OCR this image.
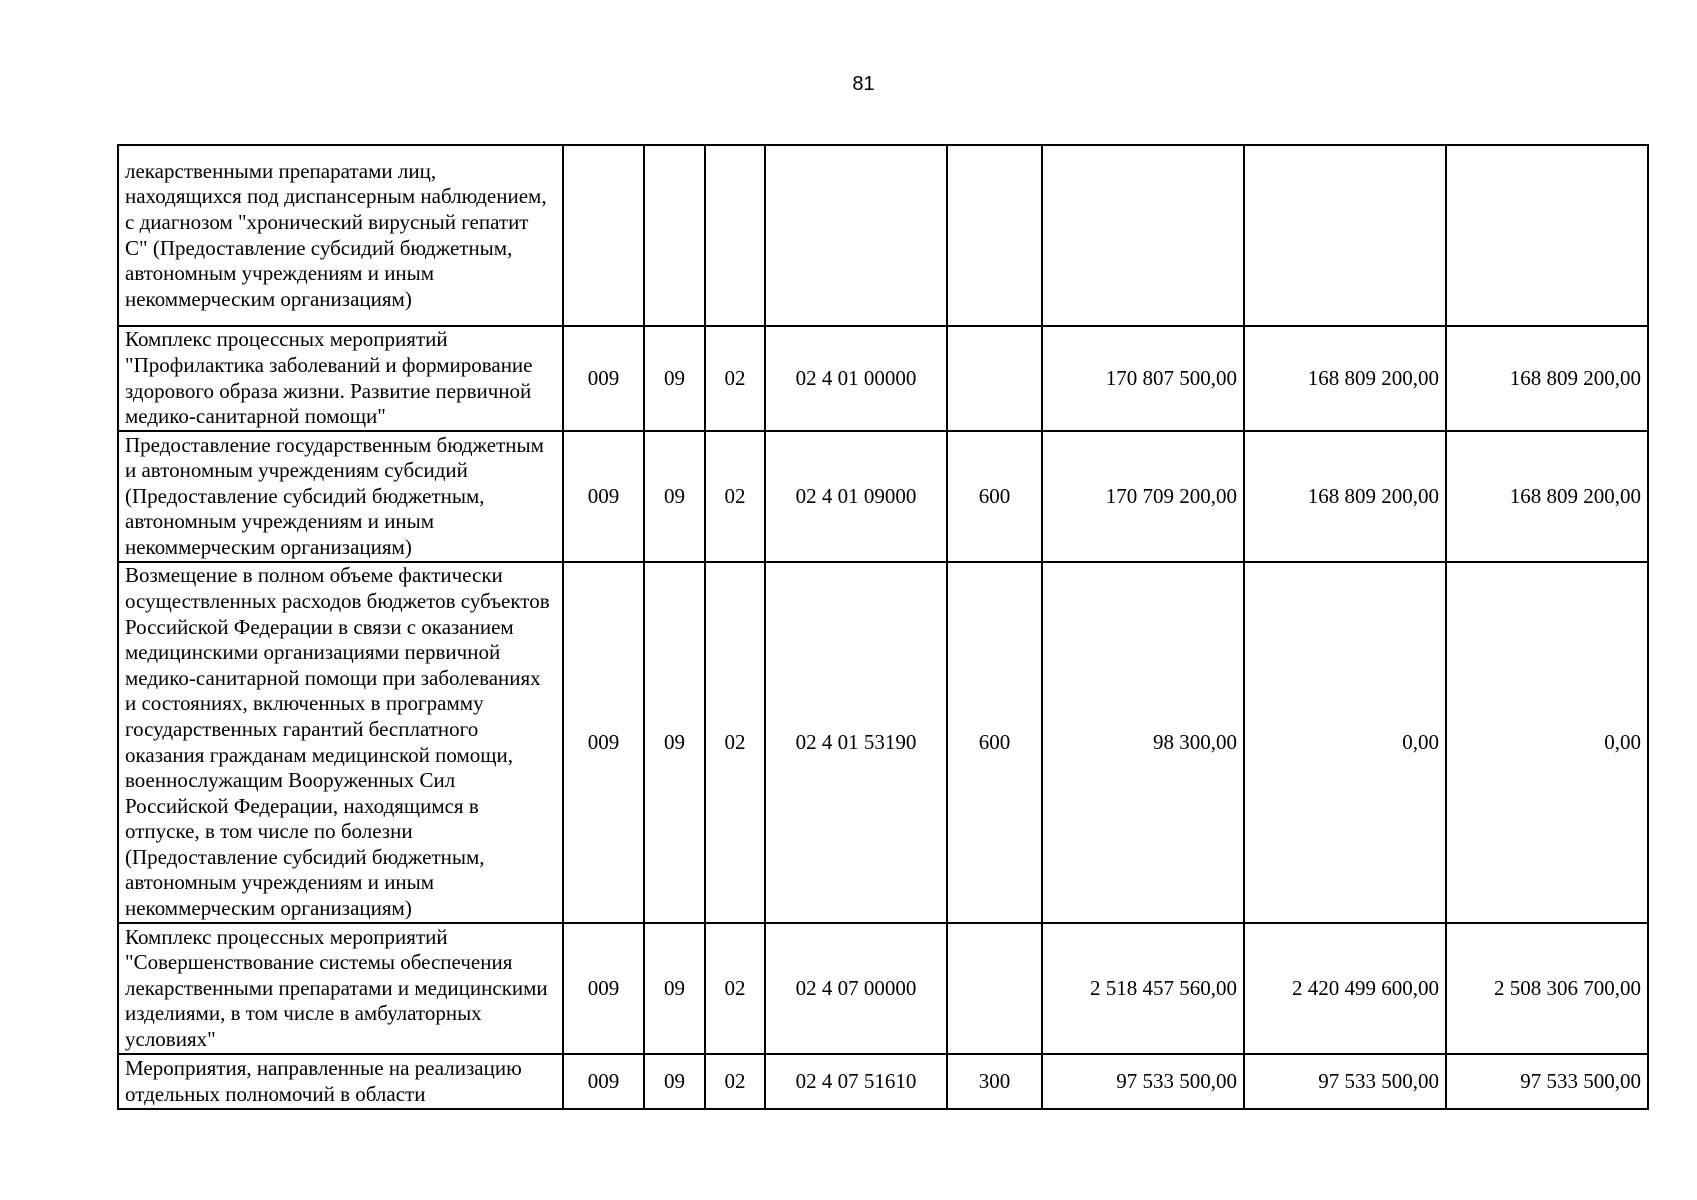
81
лекарственными препаратами лиц, находящихся под диспансерным наблюдением, с диагнозом "хронический вирусный гепатит С" (Предоставление субсидий бюджетным, автономным учреждениям и иным некоммерческим организациям)								
Комплекс процессных мероприятий "Профилактика заболеваний и формирование здорового образа жизни. Развитие первичной медико-санитарной помощи"	009	09	02	02 4 01 00000		170 807 500,00	168 809 200,00	168 809 200,00
Предоставление государственным бюджетным и автономным учреждениям субсидий (Предоставление субсидий бюджетным, автономным учреждениям и иным некоммерческим организациям)	009	09	02	02 4 01 09000	600	170 709 200,00	168 809 200,00	168 809 200,00
Возмещение в полном объеме фактически осуществленных расходов бюджетов субъектов Российской Федерации в связи с оказанием медицинскими организациями первичной медико-санитарной помощи при заболеваниях и состояниях, включенных в программу государственных гарантий бесплатного оказания гражданам медицинской помощи, военнослужащим Вооруженных Сил Российской Федерации, находящимся в отпуске, в том числе по болезни (Предоставление субсидий бюджетным, автономным учреждениям и иным некоммерческим организациям)	009	09	02	02 4 01 53190	600	98 300,00	0,00	0,00
Комплекс процессных мероприятий "Совершенствование системы обеспечения лекарственными препаратами и медицинскими изделиями, в том числе в амбулаторных условиях"	009	09	02	02 4 07 00000		2 518 457 560,00	2 420 499 600,00	2 508 306 700,00
Мероприятия, направленные на реализацию отдельных полномочий в области	009	09	02	02 4 07 51610	300	97 533 500,00	97 533 500,00	97 533 500,00
